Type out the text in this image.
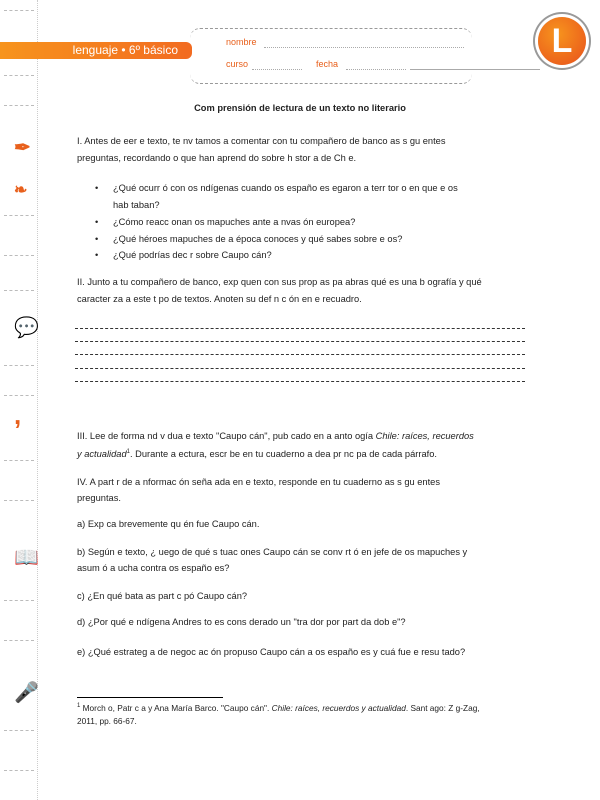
✒
❧
💬
,
📖
🎤
lenguaje • 6º básico
nombre
curso	fecha
L
Com prensión de lectura de un texto no literario
I. Antes de eer e texto, te nv tamos a comentar con tu compañero de banco as s gu entes
preguntas, recordando o que han aprend do sobre h stor a de Ch e.
• ¿Qué ocurr ó con os ndígenas cuando os españo es egaron a terr tor o en que e os
hab taban?
• ¿Cómo reacc onan os mapuches ante a nvas ón europea?
• ¿Qué héroes mapuches de a época conoces y qué sabes sobre e os?
• ¿Qué podrías dec r sobre Caupo cán?
II. Junto a tu compañero de banco, exp quen con sus prop as pa abras qué es una b ografía y qué
caracter za a este t po de textos. Anoten su def n c ón en e recuadro.
III. Lee de forma nd v dua e texto "Caupo cán", pub cado en a anto ogía Chile: raíces, recuerdos
y actualidad$^1$. Durante a ectura, escr be en tu cuaderno a dea pr nc pa de cada párrafo.
IV. A part r de a nformac ón seña ada en e texto, responde en tu cuaderno as s gu entes
preguntas.
a) Exp ca brevemente qu én fue Caupo cán.
b) Según e texto, ¿ uego de qué s tuac ones Caupo cán se conv rt ó en jefe de os mapuches y
asum ó a ucha contra os españo es?
c) ¿En qué bata as part c pó Caupo cán?
d) ¿Por qué e ndígena Andres to es cons derado un "tra dor por part da dob e"?
e) ¿Qué estrateg a de negoc ac ón propuso Caupo cán a os españo es y cuá fue e resu tado?
$^1$ Morch o, Patr c a y Ana María Barco. "Caupo cán". Chile: raíces, recuerdos y actualidad. Sant ago: Z g-Zag,
2011, pp. 66-67.
